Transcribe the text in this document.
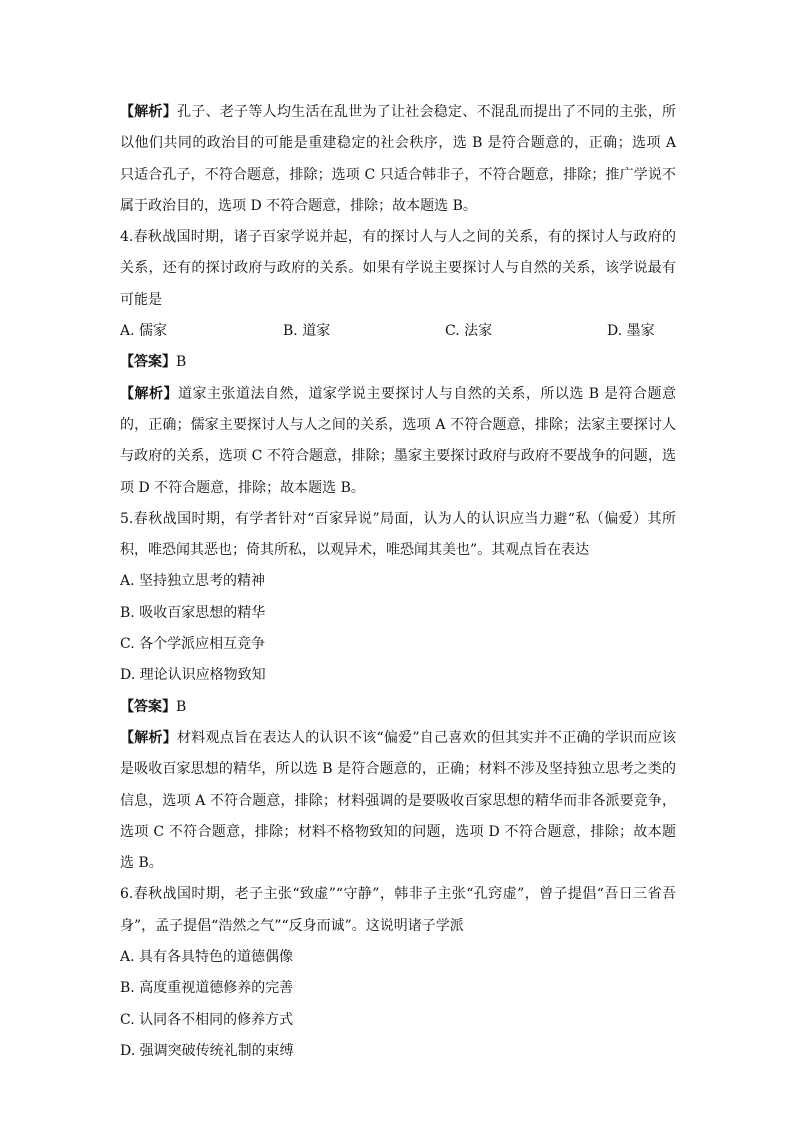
【解析】孔子、老子等人均生活在乱世为了让社会稳定、不混乱而提出了不同的主张，所以他们共同的政治目的可能是重建稳定的社会秩序，选 B 是符合题意的，正确；选项 A 只适合孔子，不符合题意，排除；选项 C 只适合韩非子，不符合题意，排除；推广学说不属于政治目的，选项 D 不符合题意，排除；故本题选 B。

4.春秋战国时期，诸子百家学说并起，有的探讨人与人之间的关系，有的探讨人与政府的关系，还有的探讨政府与政府的关系。如果有学说主要探讨人与自然的关系，该学说最有可能是

A. 儒家	B. 道家	C. 法家	D. 墨家

【答案】B

【解析】道家主张道法自然，道家学说主要探讨人与自然的关系，所以选 B 是符合题意的，正确；儒家主要探讨人与人之间的关系，选项 A 不符合题意，排除；法家主要探讨人与政府的关系，选项 C 不符合题意，排除；墨家主要探讨政府与政府不要战争的问题，选项 D 不符合题意，排除；故本题选 B。

5.春秋战国时期，有学者针对“百家异说”局面，认为人的认识应当力避“私（偏爱）其所积，唯恐闻其恶也；倚其所私，以观异术，唯恐闻其美也”。其观点旨在表达

A. 坚持独立思考的精神
B. 吸收百家思想的精华
C. 各个学派应相互竞争
D. 理论认识应格物致知

【答案】B

【解析】材料观点旨在表达人的认识不该“偏爱”自己喜欢的但其实并不正确的学识而应该是吸收百家思想的精华，所以选 B 是符合题意的，正确；材料不涉及坚持独立思考之类的信息，选项 A 不符合题意，排除；材料强调的是要吸收百家思想的精华而非各派要竞争，选项 C 不符合题意，排除；材料不格物致知的问题，选项 D 不符合题意，排除；故本题选 B。

6.春秋战国时期，老子主张“致虚”“守静”，韩非子主张“孔窍虚”，曾子提倡“吾日三省吾身”，孟子提倡“浩然之气”“反身而诚”。这说明诸子学派

A. 具有各具特色的道德偶像
B. 高度重视道德修养的完善
C. 认同各不相同的修养方式
D. 强调突破传统礼制的束缚
